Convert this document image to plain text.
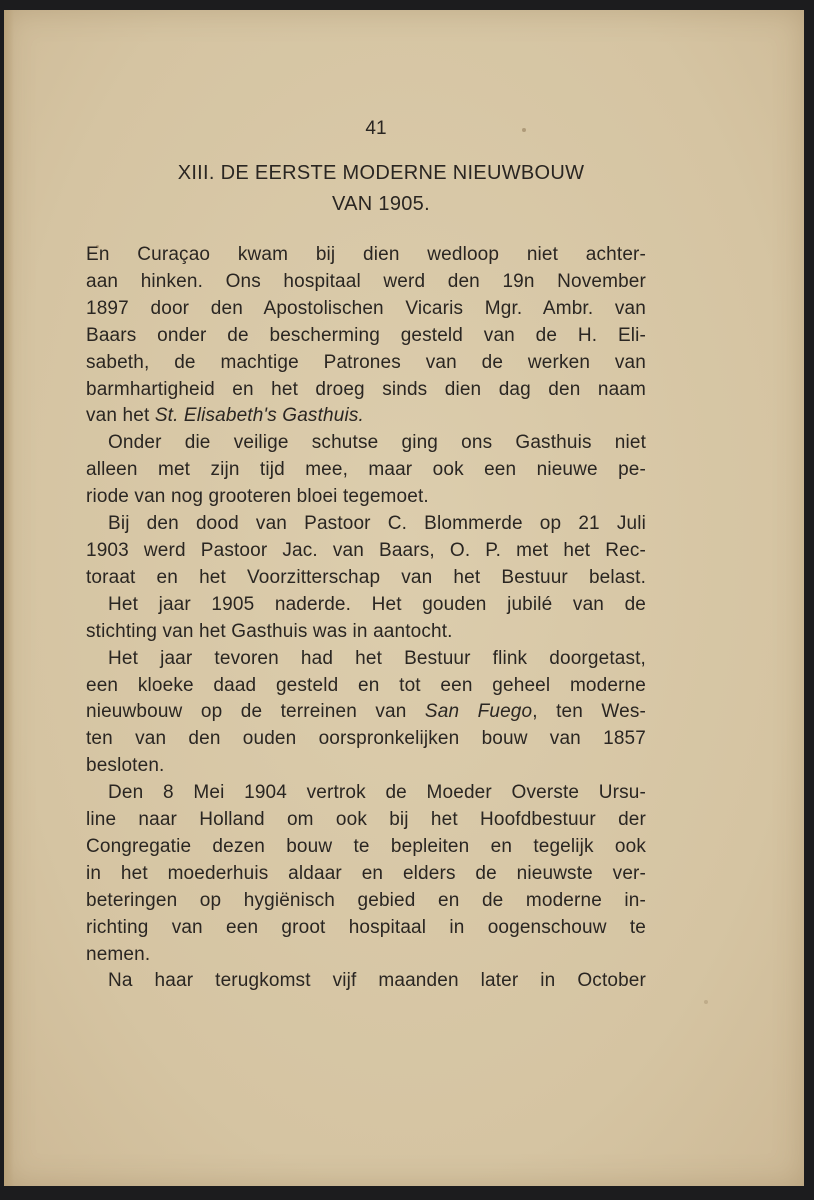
41
XIII. DE EERSTE MODERNE NIEUWBOUW
VAN 1905.
En Curaçao kwam bij dien wedloop niet achter-
aan hinken. Ons hospitaal werd den 19n November
1897 door den Apostolischen Vicaris Mgr. Ambr. van
Baars onder de bescherming gesteld van de H. Eli-
sabeth, de machtige Patrones van de werken van
barmhartigheid en het droeg sinds dien dag den naam
van het St. Elisabeth's Gasthuis.
Onder die veilige schutse ging ons Gasthuis niet
alleen met zijn tijd mee, maar ook een nieuwe pe-
riode van nog grooteren bloei tegemoet.
Bij den dood van Pastoor C. Blommerde op 21 Juli
1903 werd Pastoor Jac. van Baars, O. P. met het Rec-
toraat en het Voorzitterschap van het Bestuur belast.
Het jaar 1905 naderde. Het gouden jubilé van de
stichting van het Gasthuis was in aantocht.
Het jaar tevoren had het Bestuur flink doorgetast,
een kloeke daad gesteld en tot een geheel moderne
nieuwbouw op de terreinen van San Fuego, ten Wes-
ten van den ouden oorspronkelijken bouw van 1857
besloten.
Den 8 Mei 1904 vertrok de Moeder Overste Ursu-
line naar Holland om ook bij het Hoofdbestuur der
Congregatie dezen bouw te bepleiten en tegelijk ook
in het moederhuis aldaar en elders de nieuwste ver-
beteringen op hygiënisch gebied en de moderne in-
richting van een groot hospitaal in oogenschouw te
nemen.
Na haar terugkomst vijf maanden later in October
